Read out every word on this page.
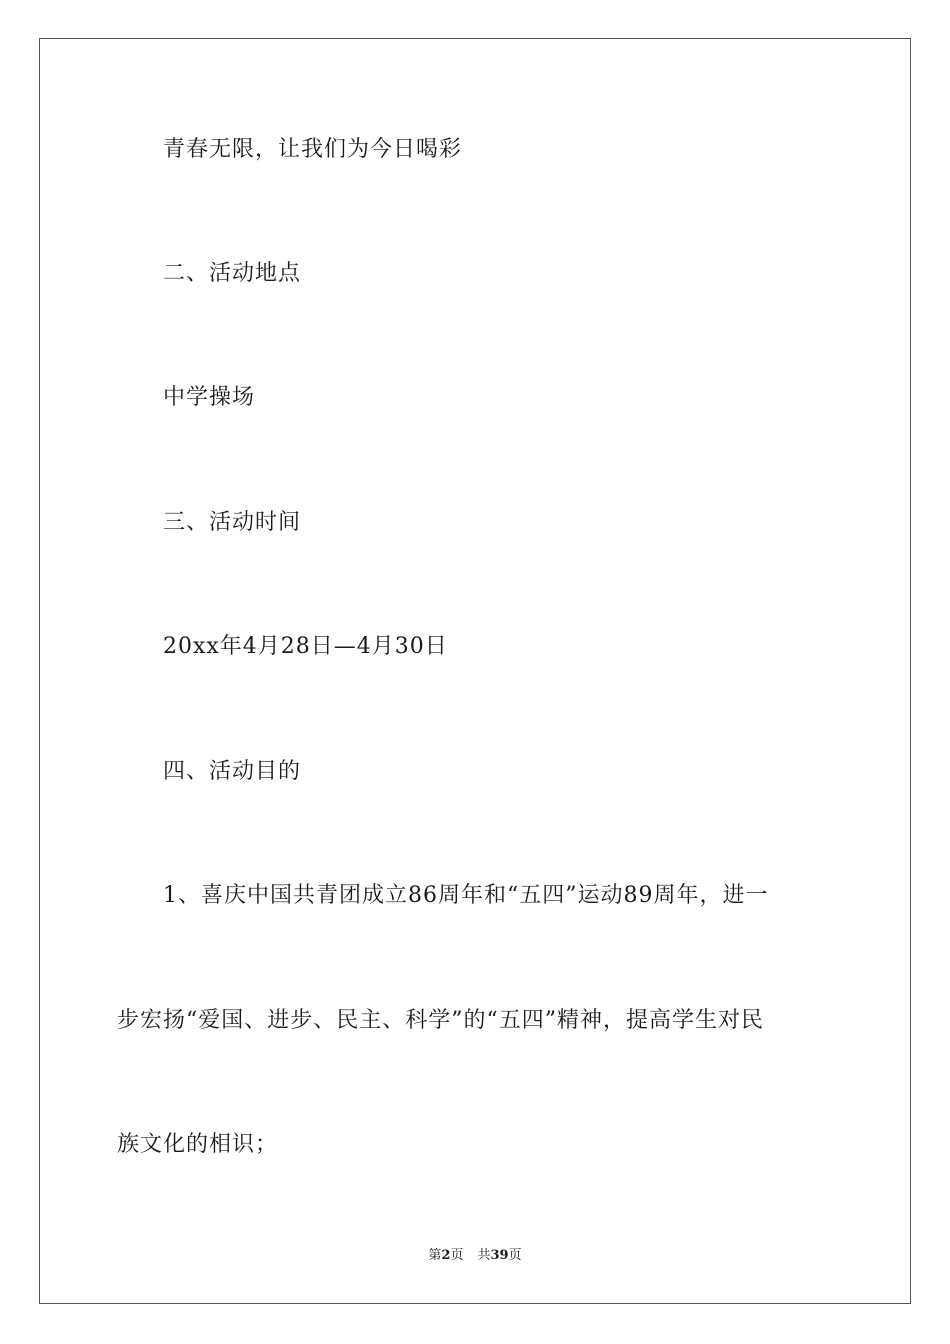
青春无限，让我们为今日喝彩
二、活动地点
中学操场
三、活动时间
20xx年4月28日—4月30日
四、活动目的
1、喜庆中国共青团成立86周年和“五四”运动89周年，进一
步宏扬“爱国、进步、民主、科学”的“五四”精神，提高学生对民
族文化的相识；
第2页 共39页
